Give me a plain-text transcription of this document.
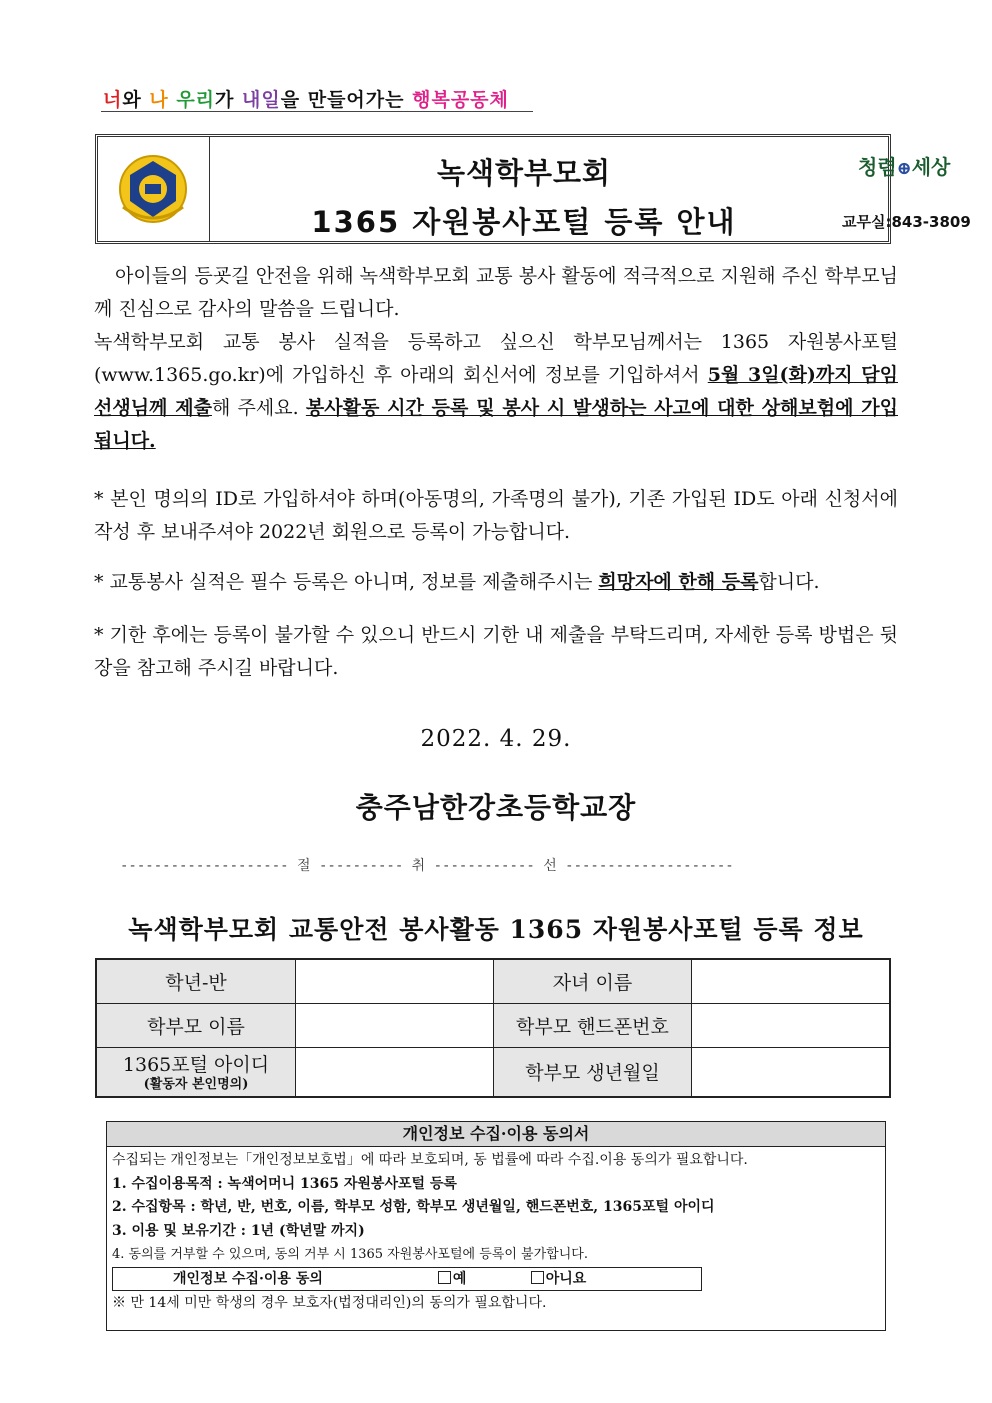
너와 나 우리가 내일을 만들어가는 행복공동체
녹색학부모회
1365 자원봉사포털 등록 안내
청렴⊕세상
교무실:843-3809
아이들의 등굣길 안전을 위해 녹색학부모회 교통 봉사 활동에 적극적으로 지원해 주신 학부모님께 진심으로 감사의 말씀을 드립니다.
녹색학부모회 교통 봉사 실적을 등록하고 싶으신 학부모님께서는 1365 자원봉사포털 (www.1365.go.kr)에 가입하신 후 아래의 회신서에 정보를 기입하셔서 5월 3일(화)까지 담임 선생님께 제출해 주세요. 봉사활동 시간 등록 및 봉사 시 발생하는 사고에 대한 상해보험에 가입됩니다.
* 본인 명의의 ID로 가입하셔야 하며(아동명의, 가족명의 불가), 기존 가입된 ID도 아래 신청서에 작성 후 보내주셔야 2022년 회원으로 등록이 가능합니다.
* 교통봉사 실적은 필수 등록은 아니며, 정보를 제출해주시는 희망자에 한해 등록합니다.
* 기한 후에는 등록이 불가할 수 있으니 반드시 기한 내 제출을 부탁드리며, 자세한 등록 방법은 뒷장을 참고해 주시길 바랍니다.
2022. 4. 29.
충주남한강초등학교장
-------------------- 절 ---------- 취 ------------ 선 --------------------
녹색학부모회 교통안전 봉사활동 1365 자원봉사포털 등록 정보
학년-반		자녀 이름	
학부모 이름		학부모 핸드폰번호	
1365포털 아이디
(활동자 본인명의)		학부모 생년월일	
개인정보 수집·이용 동의서
수집되는 개인정보는「개인정보보호법」에 따라 보호되며, 동 법률에 따라 수집.이용 동의가 필요합니다.
1. 수집이용목적 : 녹색어머니 1365 자원봉사포털 등록
2. 수집항목 : 학년, 반, 번호, 이름, 학부모 성함, 학부모 생년월일, 핸드폰번호, 1365포털 아이디
3. 이용 및 보유기간 : 1년 (학년말 까지)
4. 동의를 거부할 수 있으며, 동의 거부 시 1365 자원봉사포털에 등록이 불가합니다.
개인정보 수집·이용 동의	예	아니요
※ 만 14세 미만 학생의 경우 보호자(법정대리인)의 동의가 필요합니다.
